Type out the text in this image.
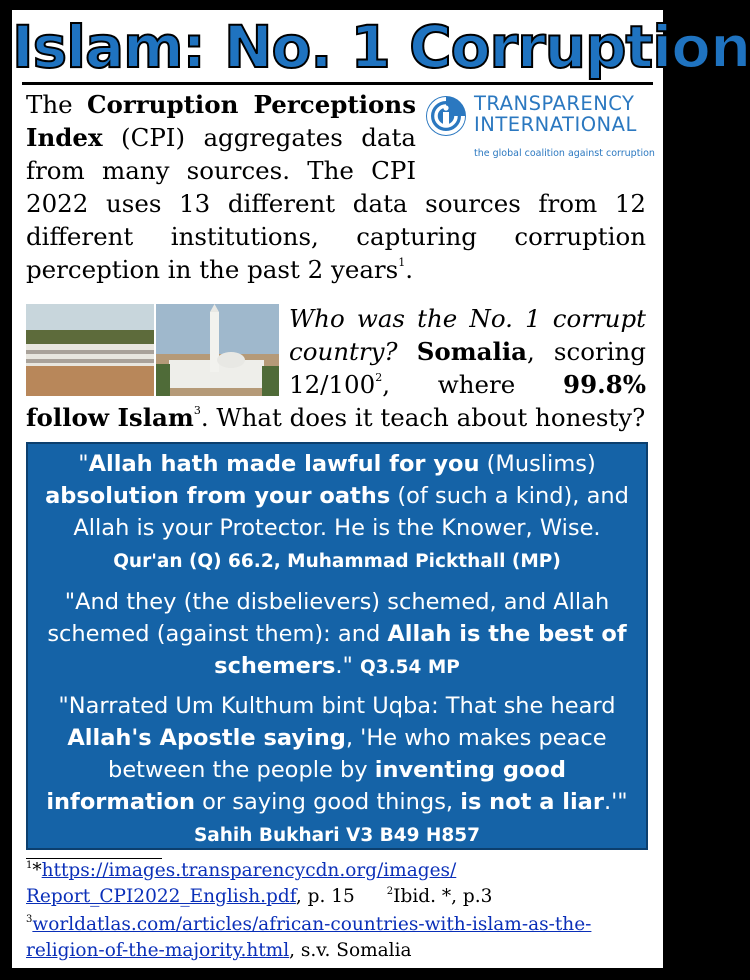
Islam: No. 1 Corruption
TRANSPARENCY
INTERNATIONAL
the global coalition against corruption
The Corruption Perceptions Index (CPI) aggregates data from many sources. The CPI 2022 uses 13 different data sources from 12 different institutions, capturing corruption perception in the past 2 years$^1$.
Who was the No. 1 corrupt country? Somalia, scoring $12/100^2$, where 99.8% follow Islam$^3$. What does it teach about honesty?
"Allah hath made lawful for you (Muslims) absolution from your oaths (of such a kind), and Allah is your Protector. He is the Knower, Wise.
Qur'an (Q) 66.2, Muhammad Pickthall (MP)
"And they (the disbelievers) schemed, and Allah schemed (against them): and Allah is the best of schemers." Q3.54 MP
"Narrated Um Kulthum bint Uqba: That she heard Allah's Apostle saying, 'He who makes peace between the people by inventing good information or saying good things, is not a liar.'"
Sahih Bukhari V3 B49 H857
$^1$*https://images.transparencycdn.org/images/
Report_CPI2022_English.pdf, p. 15	$^2$Ibid. *, p.3
$^3$worldatlas.com/articles/african-countries-with-islam-as-the-
religion-of-the-majority.html, s.v. Somalia
